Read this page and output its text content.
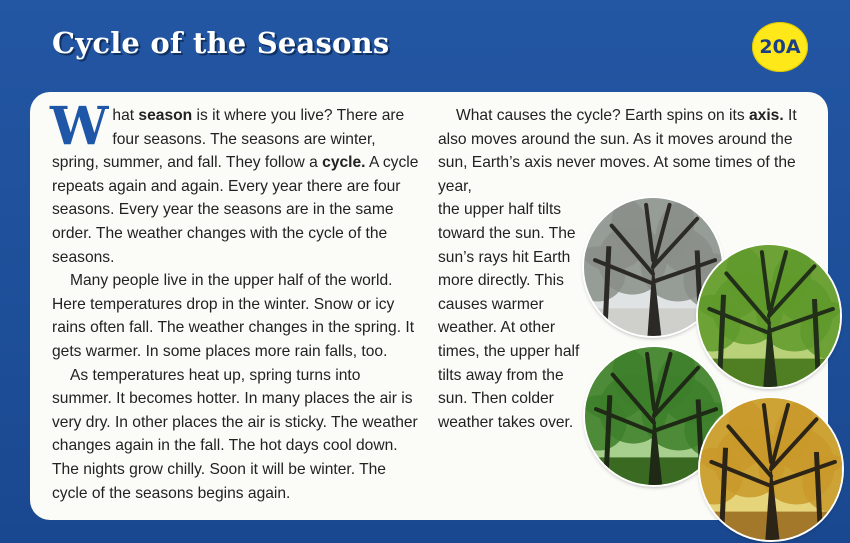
Cycle of the Seasons	20A

What season is it where you live? There are four seasons. The seasons are winter, spring, summer, and fall. They follow a cycle. A cycle repeats again and again. Every year there are four seasons. Every year the seasons are in the same order. The weather changes with the cycle of the seasons.

Many people live in the upper half of the world. Here temperatures drop in the winter. Snow or icy rains often fall. The weather changes in the spring. It gets warmer. In some places more rain falls, too.

As temperatures heat up, spring turns into summer. It becomes hotter. In many places the air is very dry. In other places the air is sticky. The weather changes again in the fall. The hot days cool down. The nights grow chilly. Soon it will be winter. The cycle of the seasons begins again.

What causes the cycle? Earth spins on its axis. It also moves around the sun. As it moves around the sun, Earth’s axis never moves. At some times of the year,

the upper half tilts toward the sun. The sun’s rays hit Earth more directly. This causes warmer weather. At other times, the upper half tilts away from the sun. Then colder weather takes over.
